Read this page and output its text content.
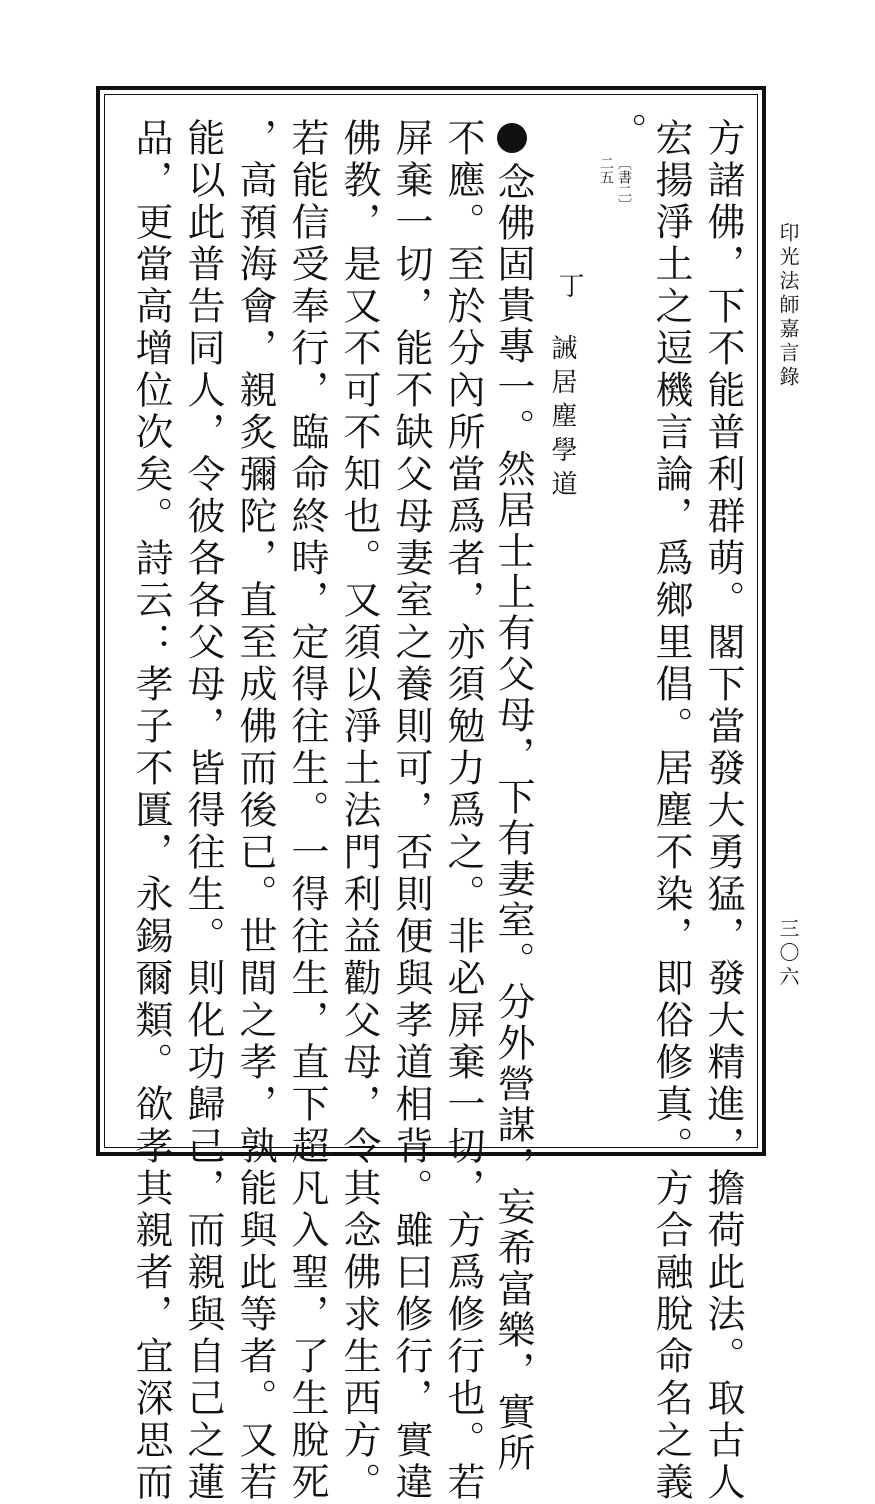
印光法師嘉言錄
三〇六
方諸佛，下不能普利群萌。閣下當發大勇猛，發大精進，擔荷此法。取古人
宏揚淨土之逗機言論，爲鄉里倡。居塵不染，即俗修真。方合融脫命名之義
。
〔書二〕
二五
丁
誡居塵學道
念佛固貴專一。然居士上有父母，下有妻室。分外營謀，妄希富樂，實所
不應。至於分內所當爲者，亦須勉力爲之。非必屏棄一切，方爲修行也。若
屏棄一切，能不缺父母妻室之養則可，否則便與孝道相背。雖曰修行，實違
佛教，是又不可不知也。又須以淨土法門利益勸父母，令其念佛求生西方。
若能信受奉行，臨命終時，定得往生。一得往生，直下超凡入聖，了生脫死
，高預海會，親炙彌陀，直至成佛而後已。世間之孝，孰能與此等者。又若
能以此普告同人，令彼各各父母，皆得往生。則化功歸己，而親與自己之蓮
品，更當高增位次矣。詩云：孝子不匱，永錫爾類。欲孝其親者，宜深思而
